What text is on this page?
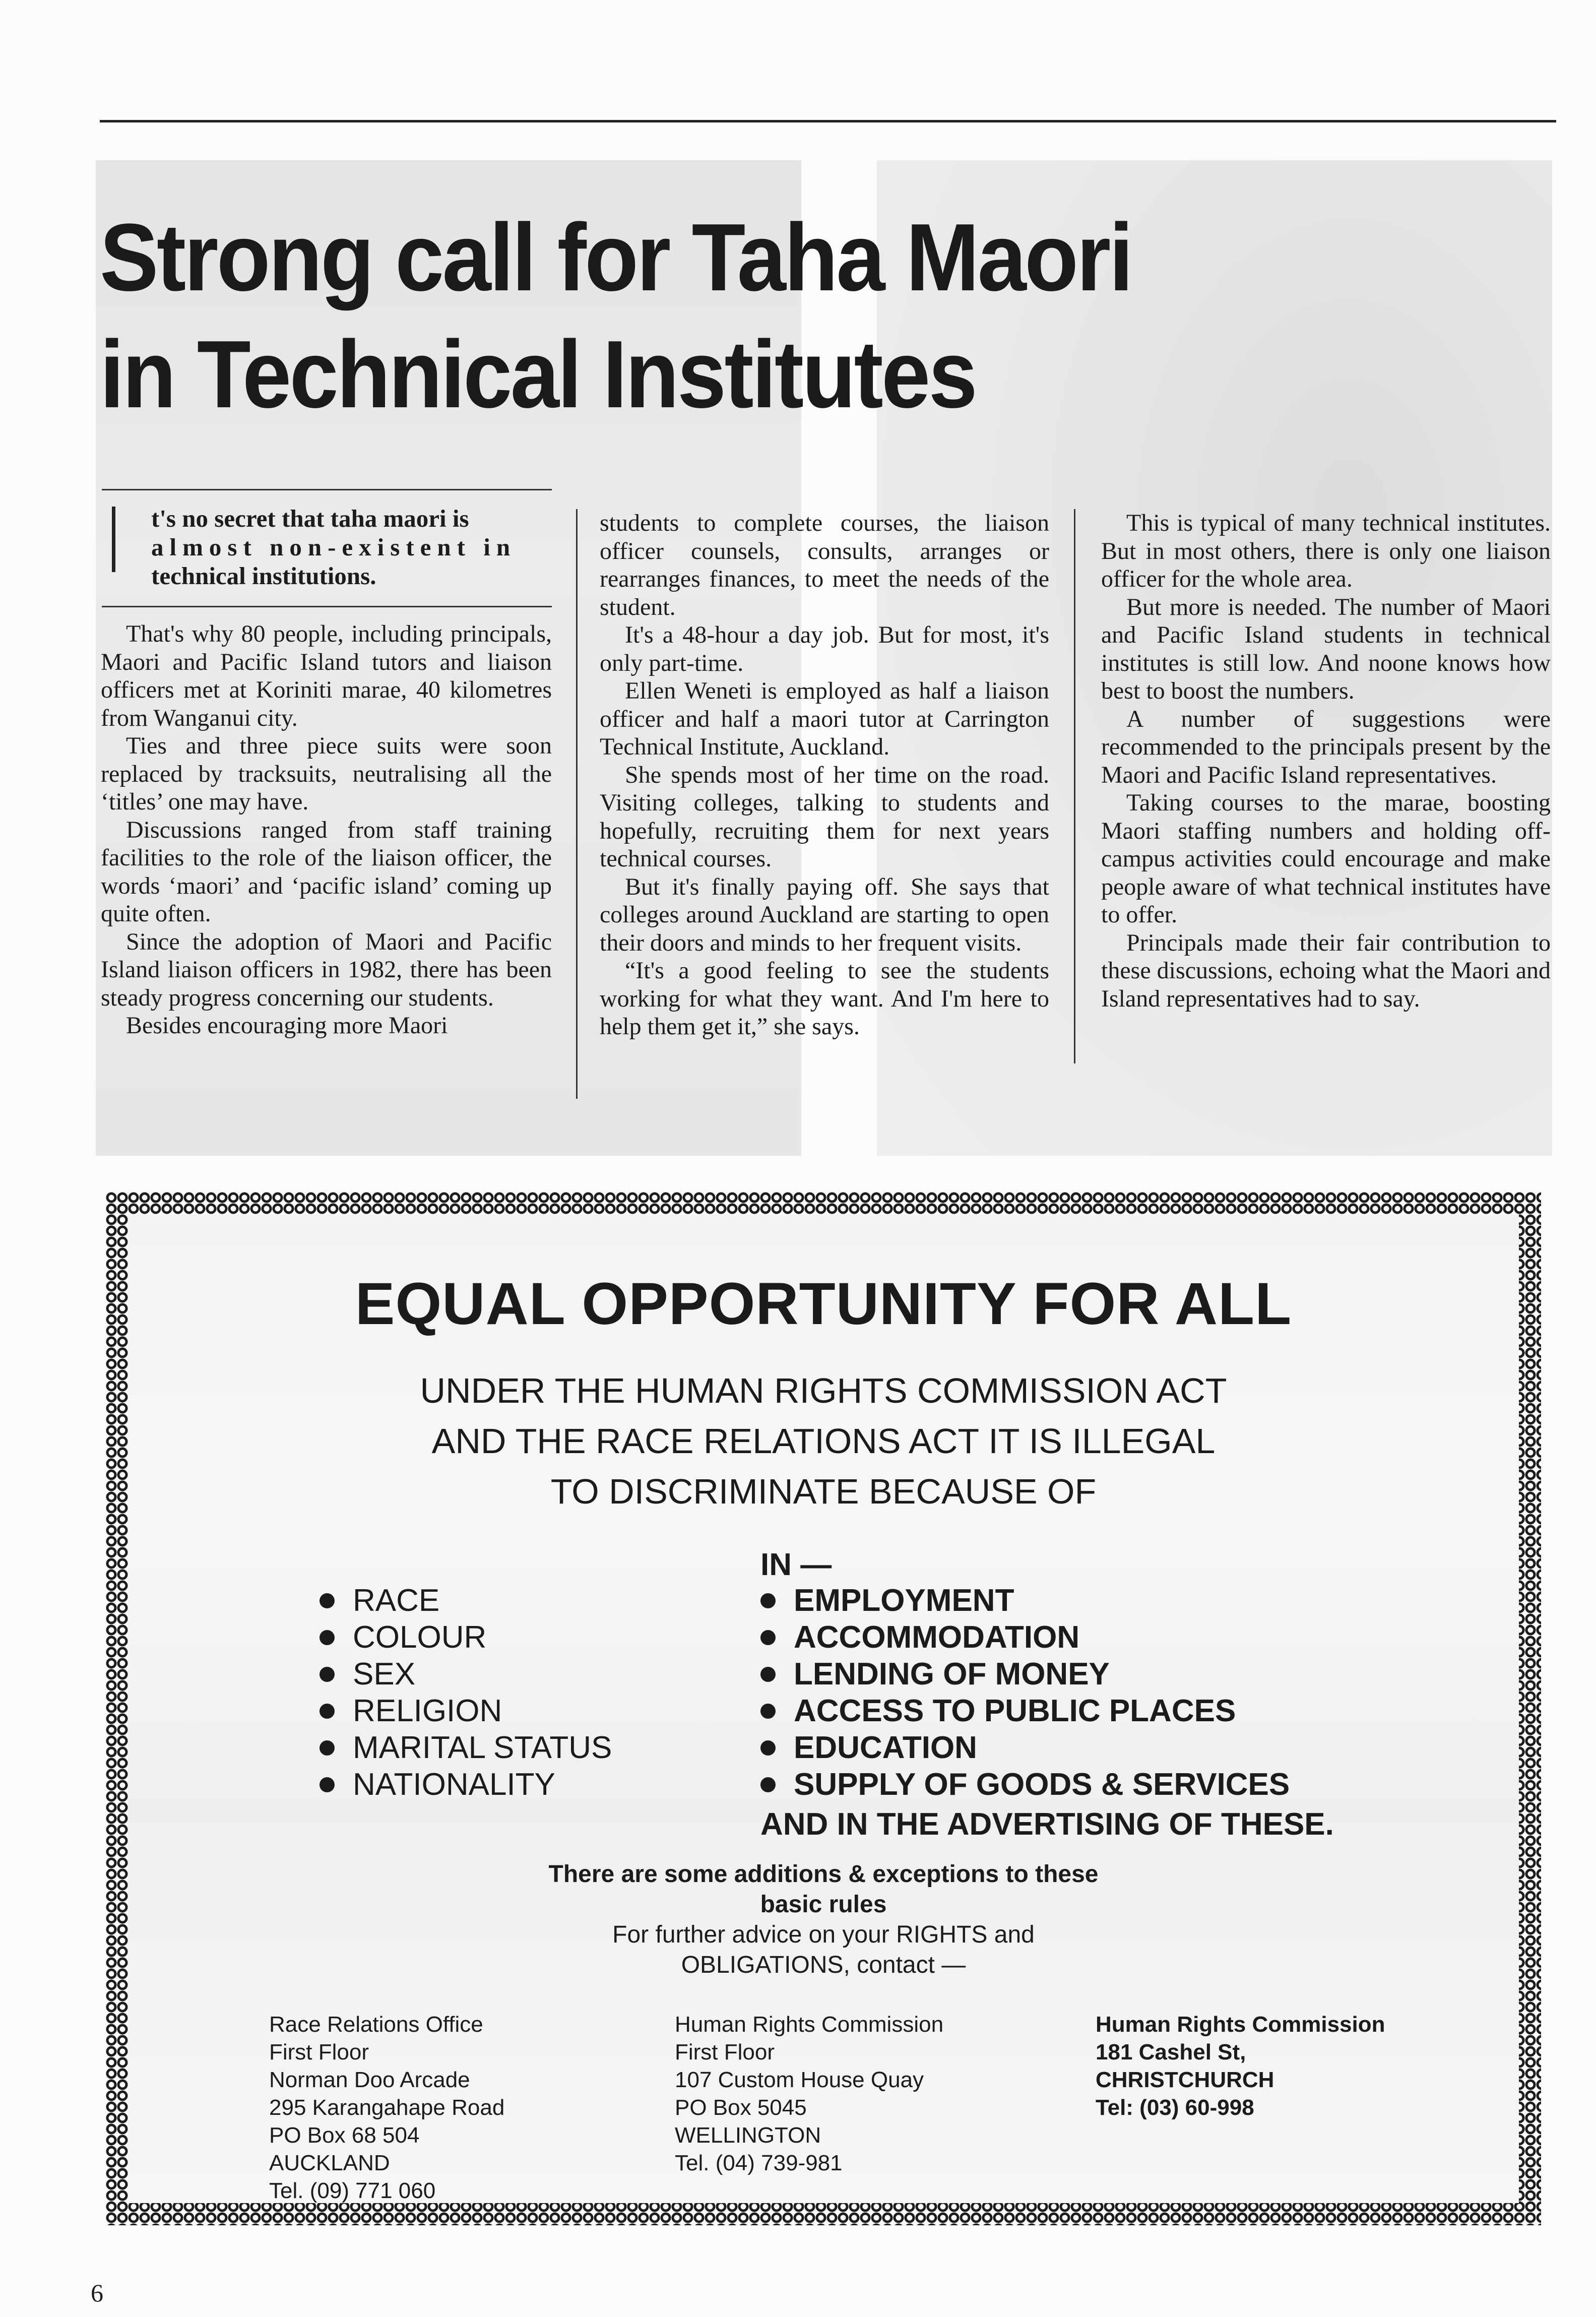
Strong call for Taha Maori
in Technical Institutes
t's no secret that taha maori is
almost non-existent in
technical institutions.

That's why 80 people, including principals, Maori and Pacific Island tutors and liaison officers met at Koriniti marae, 40 kilometres from Wanganui city.

Ties and three piece suits were soon replaced by tracksuits, neutralising all the ‘titles’ one may have.

Discussions ranged from staff training facilities to the role of the liaison officer, the words ‘maori’ and ‘pacific island’ coming up quite often.

Since the adoption of Maori and Pacific Island liaison officers in 1982, there has been steady progress concerning our students.

Besides encouraging more Maori

students to complete courses, the liaison officer counsels, consults, arranges or rearranges finances, to meet the needs of the student.

It's a 48-hour a day job. But for most, it's only part-time.

Ellen Weneti is employed as half a liaison officer and half a maori tutor at Carrington Technical Institute, Auckland.

She spends most of her time on the road. Visiting colleges, talking to students and hopefully, recruiting them for next years technical courses.

But it's finally paying off. She says that colleges around Auckland are starting to open their doors and minds to her frequent visits.

“It's a good feeling to see the students working for what they want. And I'm here to help them get it,” she says.

This is typical of many technical institutes. But in most others, there is only one liaison officer for the whole area.

But more is needed. The number of Maori and Pacific Island students in technical institutes is still low. And noone knows how best to boost the numbers.

A number of suggestions were recommended to the principals present by the Maori and Pacific Island representatives.

Taking courses to the marae, boosting Maori staffing numbers and holding off-campus activities could encourage and make people aware of what technical institutes have to offer.

Principals made their fair contribution to these discussions, echoing what the Maori and Island representatives had to say.

EQUAL OPPORTUNITY FOR ALL
UNDER THE HUMAN RIGHTS COMMISSION ACT
AND THE RACE RELATIONS ACT IT IS ILLEGAL
TO DISCRIMINATE BECAUSE OF
IN —
RACE
COLOUR
SEX
RELIGION
MARITAL STATUS
NATIONALITY
EMPLOYMENT
ACCOMMODATION
LENDING OF MONEY
ACCESS TO PUBLIC PLACES
EDUCATION
SUPPLY OF GOODS & SERVICES
AND IN THE ADVERTISING OF THESE.
There are some additions & exceptions to these
basic rules
For further advice on your RIGHTS and
OBLIGATIONS, contact —
Race Relations Office
First Floor
Norman Doo Arcade
295 Karangahape Road
PO Box 68 504
AUCKLAND
Tel. (09) 771 060
Human Rights Commission
First Floor
107 Custom House Quay
PO Box 5045
WELLINGTON
Tel. (04) 739-981
Human Rights Commission
181 Cashel St,
CHRISTCHURCH
Tel: (03) 60-998
6
